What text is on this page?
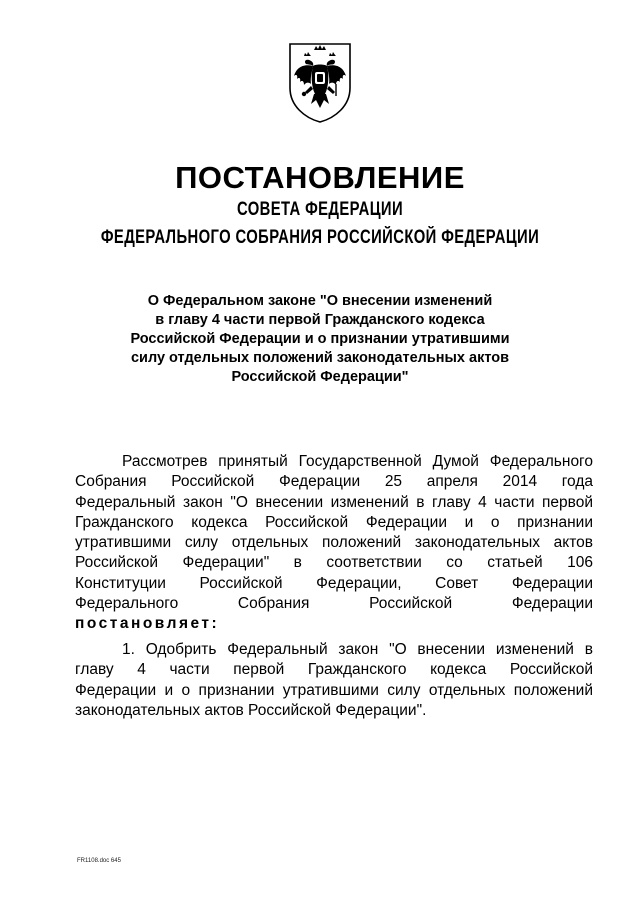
ПОСТАНОВЛЕНИЕ
СОВЕТА ФЕДЕРАЦИИ
ФЕДЕРАЛЬНОГО СОБРАНИЯ РОССИЙСКОЙ ФЕДЕРАЦИИ
О Федеральном законе "О внесении изменений
в главу 4 части первой Гражданского кодекса
Российской Федерации и о признании утратившими
силу отдельных положений законодательных актов
Российской Федерации"
Рассмотрев принятый Государственной Думой Федерального
Собрания Российской Федерации 25 апреля 2014 года
Федеральный закон "О внесении изменений в главу 4 части первой
Гражданского кодекса Российской Федерации и о признании
утратившими силу отдельных положений законодательных актов
Российской Федерации" в соответствии со статьей 106
Конституции Российской Федерации, Совет Федерации
Федерального Собрания Российской Федерации
постановляет:
1. Одобрить Федеральный закон "О внесении изменений в
главу 4 части первой Гражданского кодекса Российской
Федерации и о признании утратившими силу отдельных положений
законодательных актов Российской Федерации".
FR1108.doc 645
